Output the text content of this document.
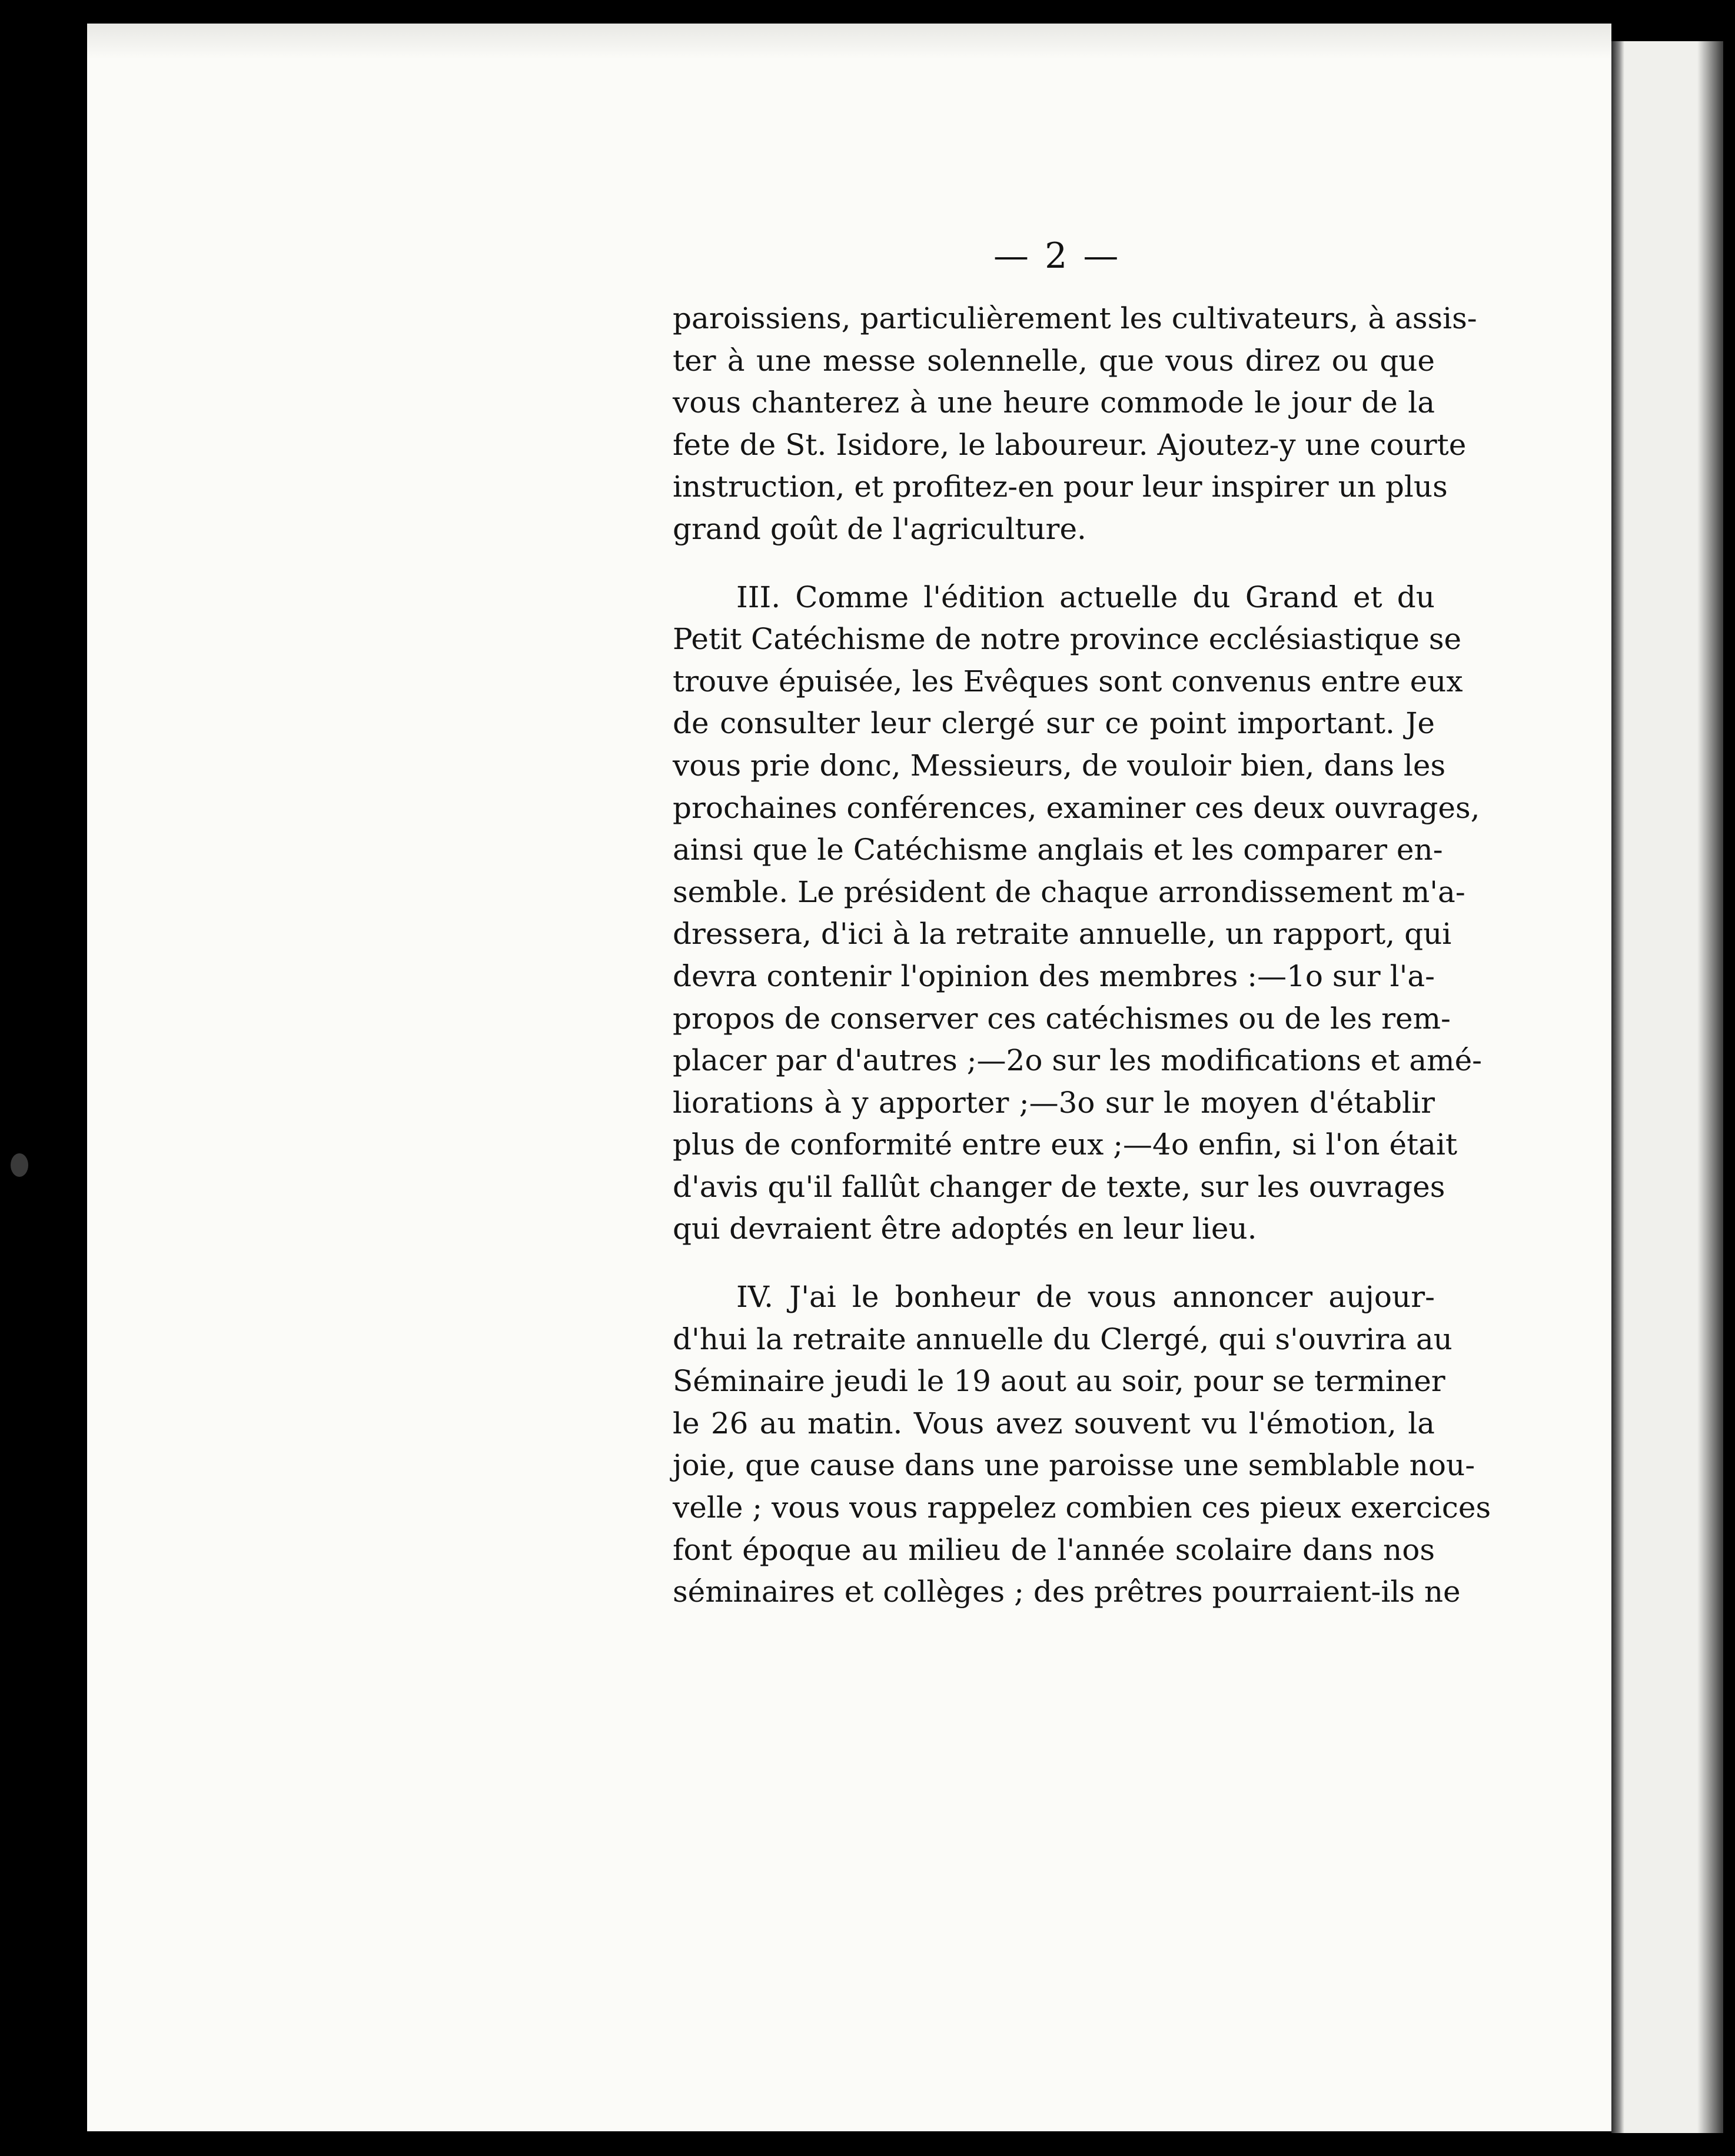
— 2 —
paroissiens, particulièrement les cultivateurs, à assis-
ter à une messe solennelle, que vous direz ou que
vous chanterez à une heure commode le jour de la
fete de St. Isidore, le laboureur. Ajoutez-y une courte
instruction, et profitez-en pour leur inspirer un plus
grand goût de l'agriculture.
III. Comme l'édition actuelle du Grand et du
Petit Catéchisme de notre province ecclésiastique se
trouve épuisée, les Evêques sont convenus entre eux
de consulter leur clergé sur ce point important. Je
vous prie donc, Messieurs, de vouloir bien, dans les
prochaines conférences, examiner ces deux ouvrages,
ainsi que le Catéchisme anglais et les comparer en-
semble. Le président de chaque arrondissement m'a-
dressera, d'ici à la retraite annuelle, un rapport, qui
devra contenir l'opinion des membres :—1o sur l'a-
propos de conserver ces catéchismes ou de les rem-
placer par d'autres ;—2o sur les modifications et amé-
liorations à y apporter ;—3o sur le moyen d'établir
plus de conformité entre eux ;—4o enfin, si l'on était
d'avis qu'il fallût changer de texte, sur les ouvrages
qui devraient être adoptés en leur lieu.
IV. J'ai le bonheur de vous annoncer aujour-
d'hui la retraite annuelle du Clergé, qui s'ouvrira au
Séminaire jeudi le 19 aout au soir, pour se terminer
le 26 au matin. Vous avez souvent vu l'émotion, la
joie, que cause dans une paroisse une semblable nou-
velle ; vous vous rappelez combien ces pieux exercices
font époque au milieu de l'année scolaire dans nos
séminaires et collèges ; des prêtres pourraient-ils ne
